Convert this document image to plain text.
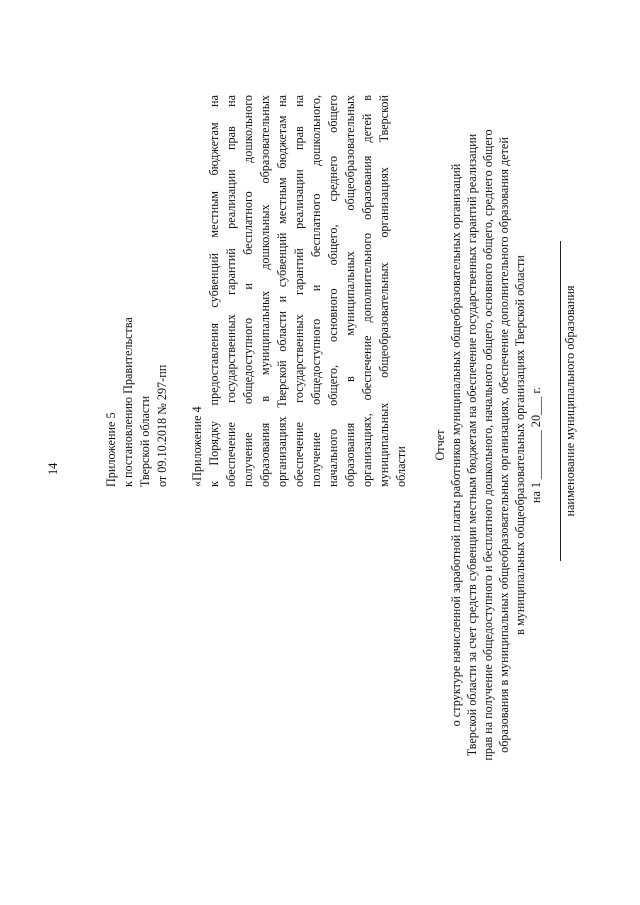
14	Приложение 5 к постановлению Правительства Тверской области от 09.10.2018 № 297-пп «Приложение 4 к Порядку предоставления субвенций местным бюджетам на обеспечение государственных гарантий реализации прав на получение общедоступного и бесплатного дошкольного образования в муниципальных дошкольных образовательных организациях Тверской области и субвенций местным бюджетам на обеспечение государственных гарантий реализации прав на получение общедоступного и бесплатного дошкольного, начального общего, основного общего, среднего общего образования в муниципальных общеобразовательных организациях, обеспечение дополнительного образования детей в муниципальных общеобразовательных организациях Тверской области
Отчет о структуре начисленной заработной платы работников муниципальных общеобразовательных организаций Тверской области за счет средств субвенции местным бюджетам на обеспечение государственных гарантий реализации прав на получение общедоступного и бесплатного дошкольного, начального общего, основного общего, среднего общего образования в муниципальных общеобразовательных организациях, обеспечение дополнительного образования детей в муниципальных общеобразовательных организациях Тверской области на 1 ________ 20___ г. наименование муниципального образования
